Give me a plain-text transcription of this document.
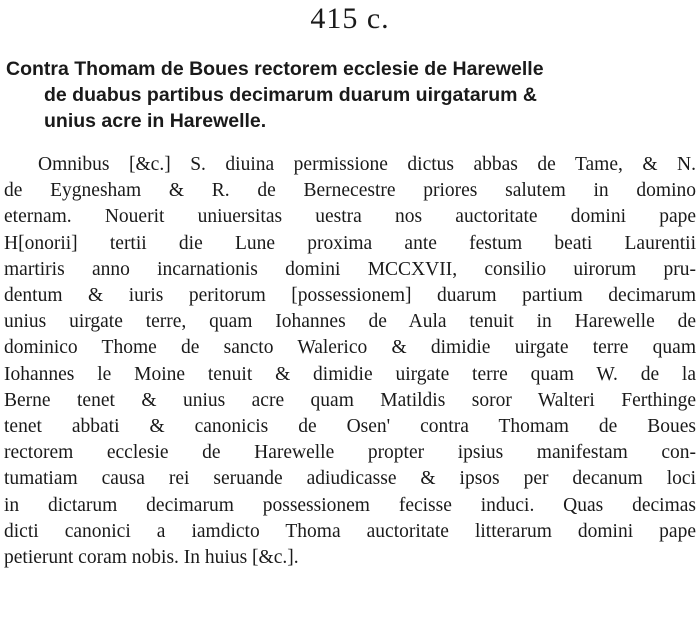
415 c.
Contra Thomam de Boues rectorem ecclesie de Harewelle
de duabus partibus decimarum duarum uirgatarum &
unius acre in Harewelle.
Omnibus [&c.] S. diuina permissione dictus abbas de Tame, & N.
de Eygnesham & R. de Bernecestre priores salutem in domino
eternam. Nouerit uniuersitas uestra nos auctoritate domini pape
H[onorii] tertii die Lune proxima ante festum beati Laurentii
martiris anno incarnationis domini MCCXVII, consilio uirorum pru-
dentum & iuris peritorum [possessionem] duarum partium decimarum
unius uirgate terre, quam Iohannes de Aula tenuit in Harewelle de
dominico Thome de sancto Walerico & dimidie uirgate terre quam
Iohannes le Moine tenuit & dimidie uirgate terre quam W. de la
Berne tenet & unius acre quam Matildis soror Walteri Ferthinge
tenet abbati & canonicis de Osen' contra Thomam de Boues
rectorem ecclesie de Harewelle propter ipsius manifestam con-
tumatiam causa rei seruande adiudicasse & ipsos per decanum loci
in dictarum decimarum possessionem fecisse induci. Quas decimas
dicti canonici a iamdicto Thoma auctoritate litterarum domini pape
petierunt coram nobis. In huius [&c.].
